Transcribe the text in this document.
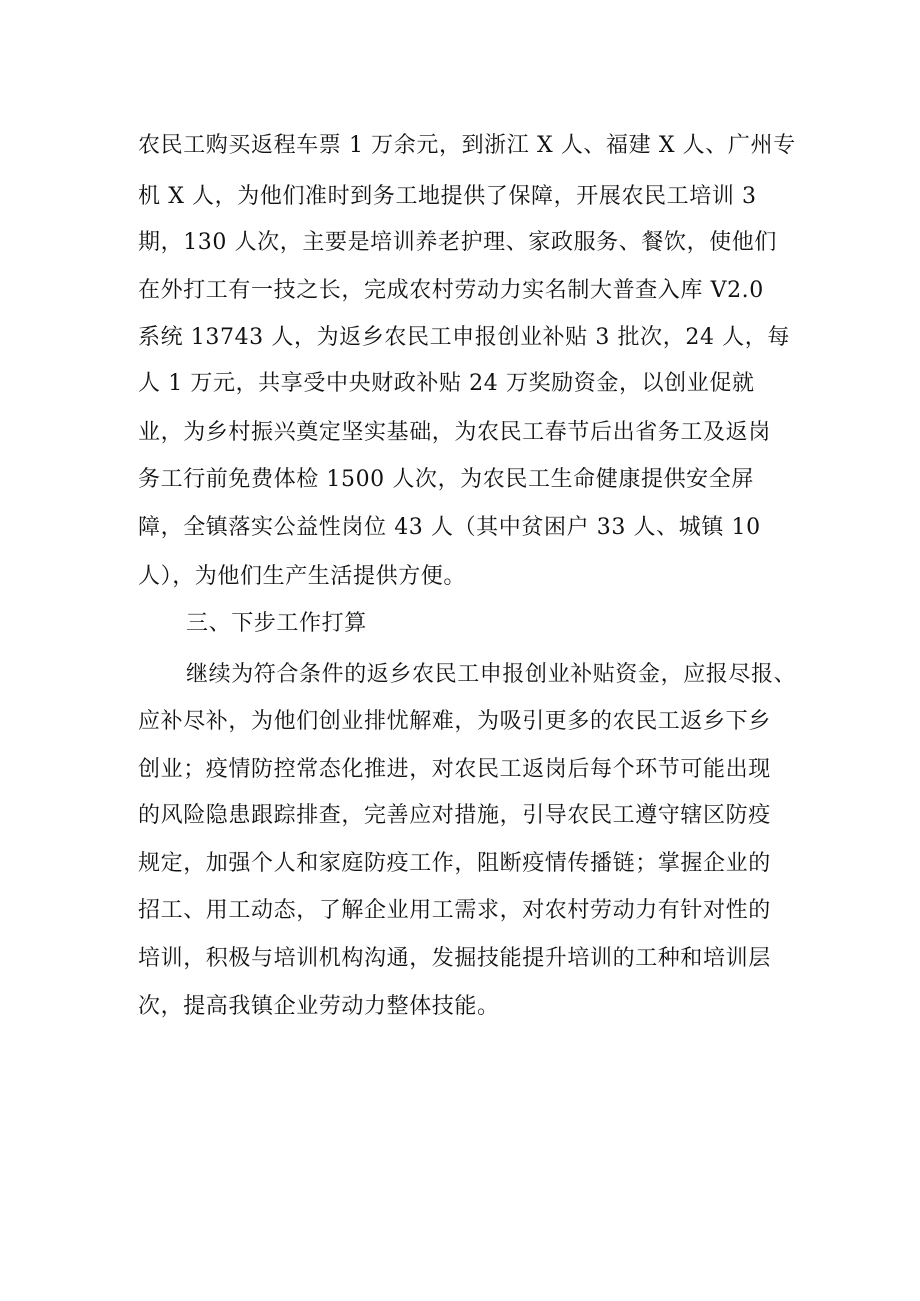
农民工购买返程车票 1 万余元，到浙江 X 人、福建 X 人、广州专
机 X 人，为他们准时到务工地提供了保障，开展农民工培训 3
期，130 人次，主要是培训养老护理、家政服务、餐饮，使他们
在外打工有一技之长，完成农村劳动力实名制大普查入库 V2.0
系统 13743 人，为返乡农民工申报创业补贴 3 批次，24 人，每
人 1 万元，共享受中央财政补贴 24 万奖励资金，以创业促就
业，为乡村振兴奠定坚实基础，为农民工春节后出省务工及返岗
务工行前免费体检 1500 人次，为农民工生命健康提供安全屏
障，全镇落实公益性岗位 43 人（其中贫困户 33 人、城镇 10
人），为他们生产生活提供方便。
三、下步工作打算
继续为符合条件的返乡农民工申报创业补贴资金，应报尽报、
应补尽补，为他们创业排忧解难，为吸引更多的农民工返乡下乡
创业；疫情防控常态化推进，对农民工返岗后每个环节可能出现
的风险隐患跟踪排查，完善应对措施，引导农民工遵守辖区防疫
规定，加强个人和家庭防疫工作，阻断疫情传播链；掌握企业的
招工、用工动态，了解企业用工需求，对农村劳动力有针对性的
培训，积极与培训机构沟通，发掘技能提升培训的工种和培训层
次，提高我镇企业劳动力整体技能。
